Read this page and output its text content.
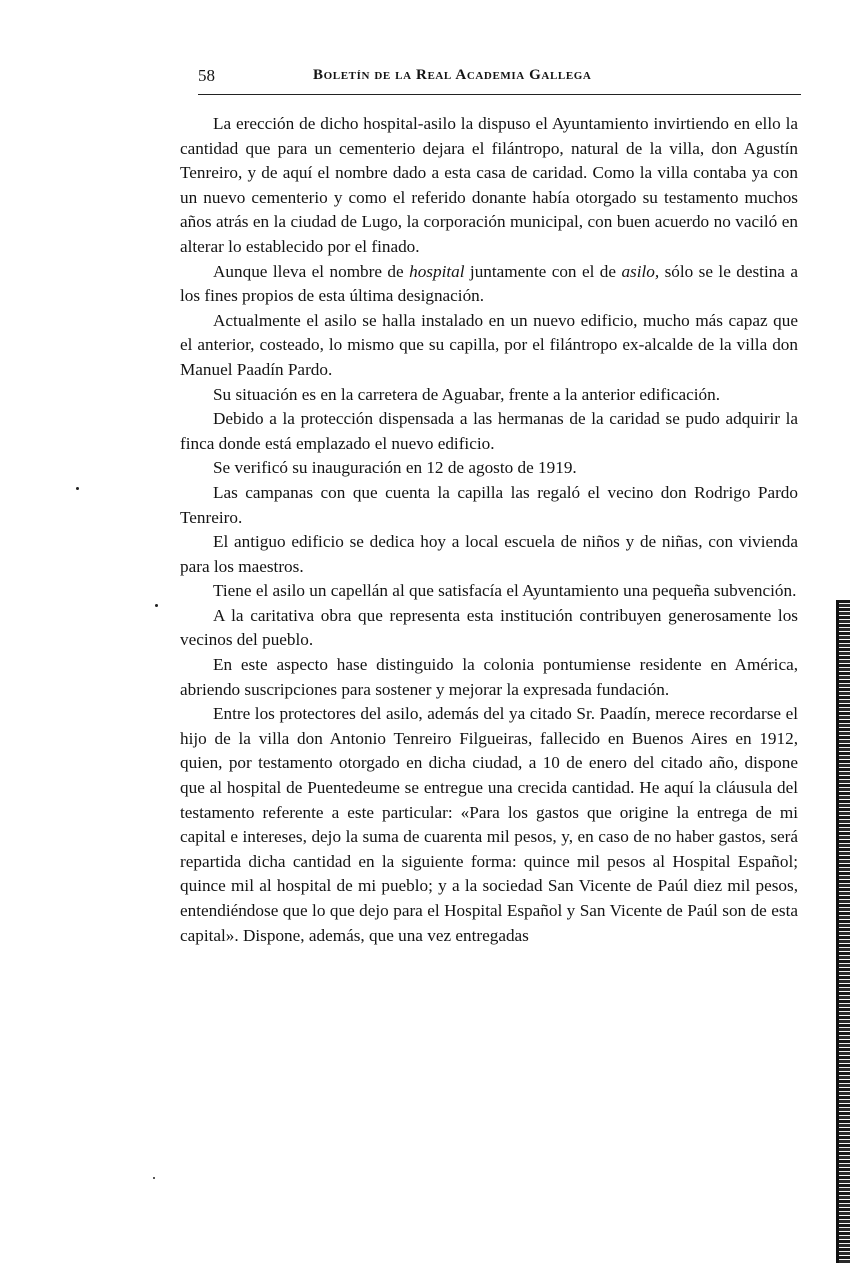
58	Boletín de la Real Academia Gallega

La erección de dicho hospital-asilo la dispuso el Ayuntamiento invirtiendo en ello la cantidad que para un cementerio dejara el filántropo, natural de la villa, don Agustín Tenreiro, y de aquí el nombre dado a esta casa de caridad. Como la villa contaba ya con un nuevo cementerio y como el referido donante había otorgado su testamento muchos años atrás en la ciudad de Lugo, la corporación municipal, con buen acuerdo no vaciló en alterar lo establecido por el finado.

Aunque lleva el nombre de hospital juntamente con el de asilo, sólo se le destina a los fines propios de esta última designación.

Actualmente el asilo se halla instalado en un nuevo edificio, mucho más capaz que el anterior, costeado, lo mismo que su capilla, por el filántropo ex-alcalde de la villa don Manuel Paadín Pardo.

Su situación es en la carretera de Aguabar, frente a la anterior edificación.

Debido a la protección dispensada a las hermanas de la caridad se pudo adquirir la finca donde está emplazado el nuevo edificio.

Se verificó su inauguración en 12 de agosto de 1919.

Las campanas con que cuenta la capilla las regaló el vecino don Rodrigo Pardo Tenreiro.

El antiguo edificio se dedica hoy a local escuela de niños y de niñas, con vivienda para los maestros.

Tiene el asilo un capellán al que satisfacía el Ayuntamiento una pequeña subvención.

A la caritativa obra que representa esta institución contribuyen generosamente los vecinos del pueblo.

En este aspecto hase distinguido la colonia pontumiense residente en América, abriendo suscripciones para sostener y mejorar la expresada fundación.

Entre los protectores del asilo, además del ya citado Sr. Paadín, merece recordarse el hijo de la villa don Antonio Tenreiro Filgueiras, fallecido en Buenos Aires en 1912, quien, por testamento otorgado en dicha ciudad, a 10 de enero del citado año, dispone que al hospital de Puentedeume se entregue una crecida cantidad. He aquí la cláusula del testamento referente a este particular: «Para los gastos que origine la entrega de mi capital e intereses, dejo la suma de cuarenta mil pesos, y, en caso de no haber gastos, será repartida dicha cantidad en la siguiente forma: quince mil pesos al Hospital Español; quince mil al hospital de mi pueblo; y a la sociedad San Vicente de Paúl diez mil pesos, entendiéndose que lo que dejo para el Hospital Español y San Vicente de Paúl son de esta capital». Dispone, además, que una vez entregadas
